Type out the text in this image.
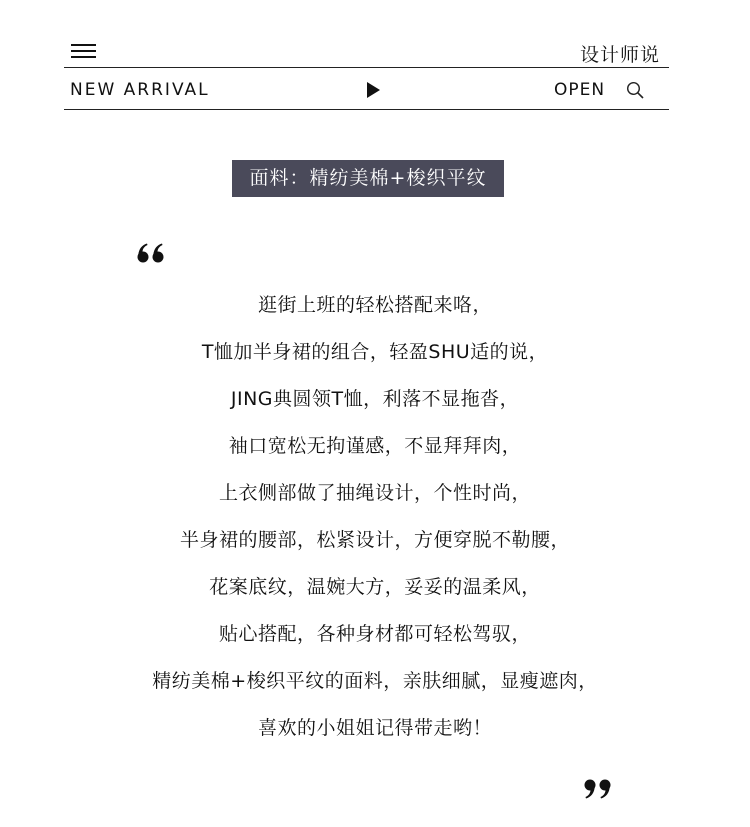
设计师说
NEW ARRIVAL	OPEN
面料：精纺美棉+梭织平纹
逛街上班的轻松搭配来咯，
T恤加半身裙的组合，轻盈SHU适的说，
JING典圆领T恤，利落不显拖沓，
袖口宽松无拘谨感，不显拜拜肉，
上衣侧部做了抽绳设计，个性时尚，
半身裙的腰部，松紧设计，方便穿脱不勒腰，
花案底纹，温婉大方，妥妥的温柔风，
贴心搭配，各种身材都可轻松驾驭，
精纺美棉+梭织平纹的面料，亲肤细腻，显瘦遮肉，
喜欢的小姐姐记得带走哟！
